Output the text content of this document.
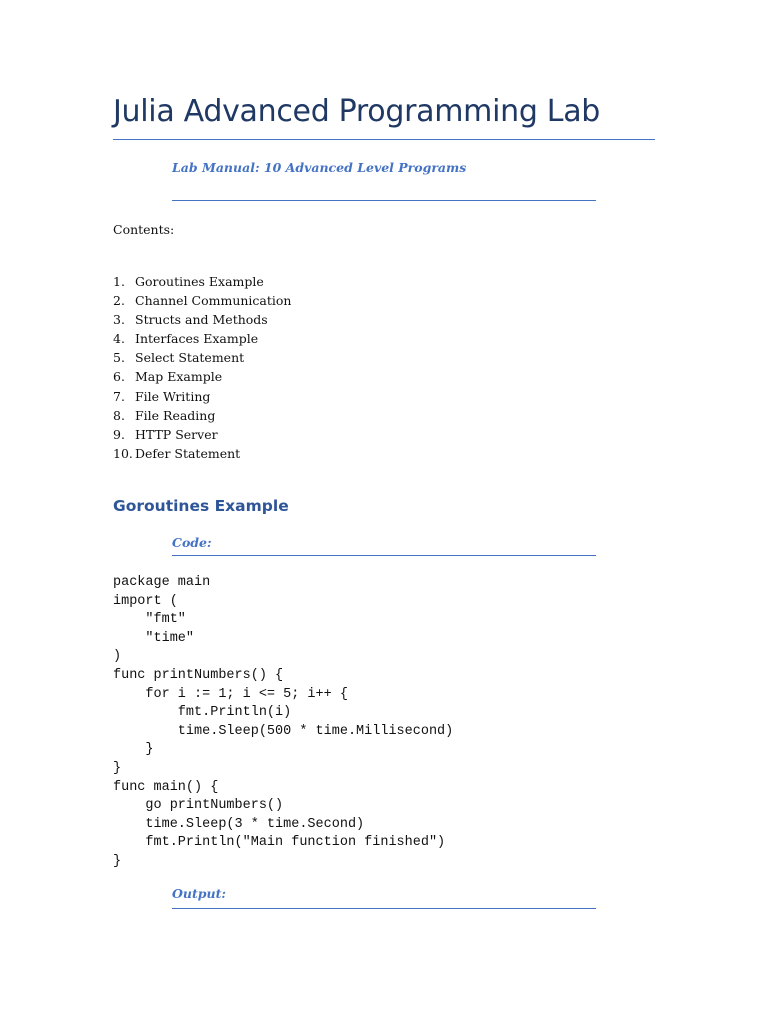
Julia Advanced Programming Lab
Lab Manual: 10 Advanced Level Programs
Contents:
1. Goroutines Example
2. Channel Communication
3. Structs and Methods
4. Interfaces Example
5. Select Statement
6. Map Example
7. File Writing
8. File Reading
9. HTTP Server
10. Defer Statement
Goroutines Example
Code:
package main
import (
"fmt"
"time"
)
func printNumbers() {
for i := 1; i <= 5; i++ {
fmt.Println(i)
time.Sleep(500 * time.Millisecond)
}
}
func main() {
go printNumbers()
time.Sleep(3 * time.Second)
fmt.Println("Main function finished")
}
Output:
